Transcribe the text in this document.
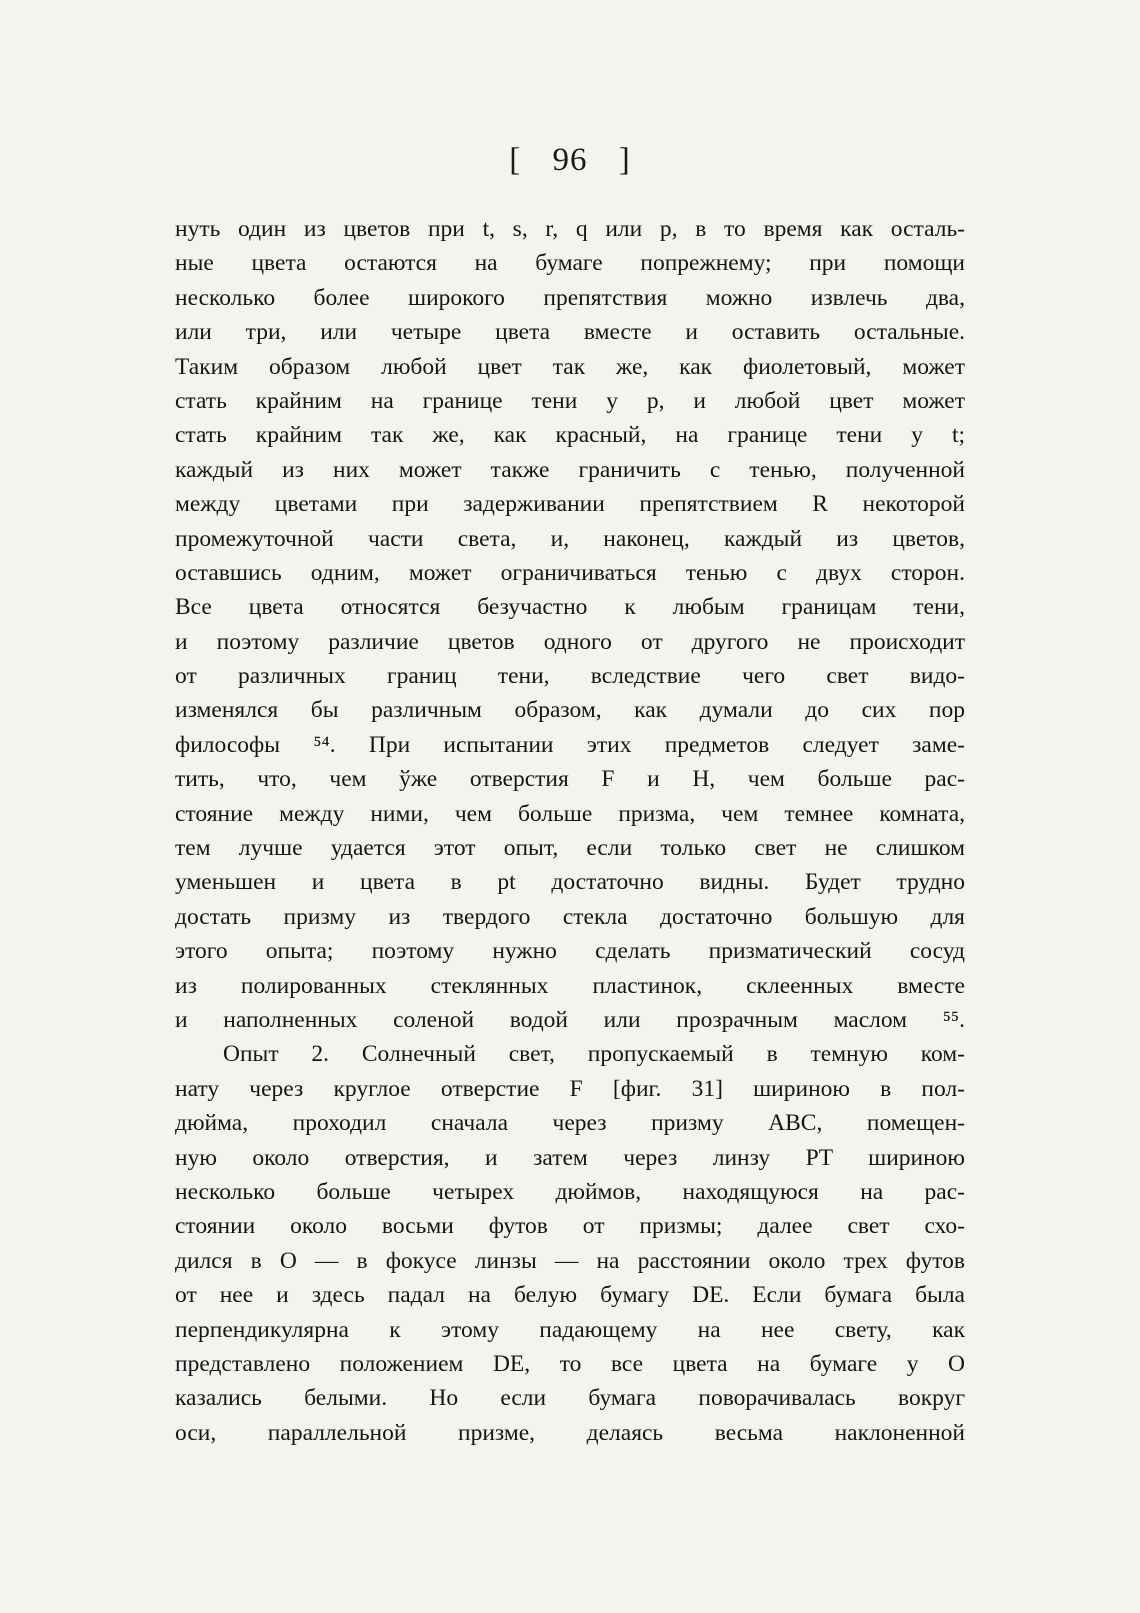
[ 96 ]
нуть один из цветов при t, s, r, q или p, в то время как осталь-
ные цвета остаются на бумаге попрежнему; при помощи
несколько более широкого препятствия можно извлечь два,
или три, или четыре цвета вместе и оставить остальные.
Таким образом любой цвет так же, как фиолетовый, может
стать крайним на границе тени у p, и любой цвет может
стать крайним так же, как красный, на границе тени у t;
каждый из них может также граничить с тенью, полученной
между цветами при задерживании препятствием R некоторой
промежуточной части света, и, наконец, каждый из цветов,
оставшись одним, может ограничиваться тенью с двух сторон.
Все цвета относятся безучастно к любым границам тени,
и поэтому различие цветов одного от другого не происходит
от различных границ тени, вследствие чего свет видо-
изменялся бы различным образом, как думали до сих пор
философы ⁵⁴. При испытании этих предметов следует заме-
тить, что, чем ўже отверстия F и H, чем больше рас-
стояние между ними, чем больше призма, чем темнее комната,
тем лучше удается этот опыт, если только свет не слишком
уменьшен и цвета в pt достаточно видны. Будет трудно
достать призму из твердого стекла достаточно большую для
этого опыта; поэтому нужно сделать призматический сосуд
из полированных стеклянных пластинок, склеенных вместе
и наполненных соленой водой или прозрачным маслом ⁵⁵.
Опыт 2. Солнечный свет, пропускаемый в темную ком-
нату через круглое отверстие F [фиг. 31] шириною в пол-
дюйма, проходил сначала через призму ABC, помещен-
ную около отверстия, и затем через линзу PT шириною
несколько больше четырех дюймов, находящуюся на рас-
стоянии около восьми футов от призмы; далее свет схо-
дился в O — в фокусе линзы — на расстоянии около трех футов
от нее и здесь падал на белую бумагу DE. Если бумага была
перпендикулярна к этому падающему на нее свету, как
представлено положением DE, то все цвета на бумаге у O
казались белыми. Но если бумага поворачивалась вокруг
оси, параллельной призме, делаясь весьма наклоненной
